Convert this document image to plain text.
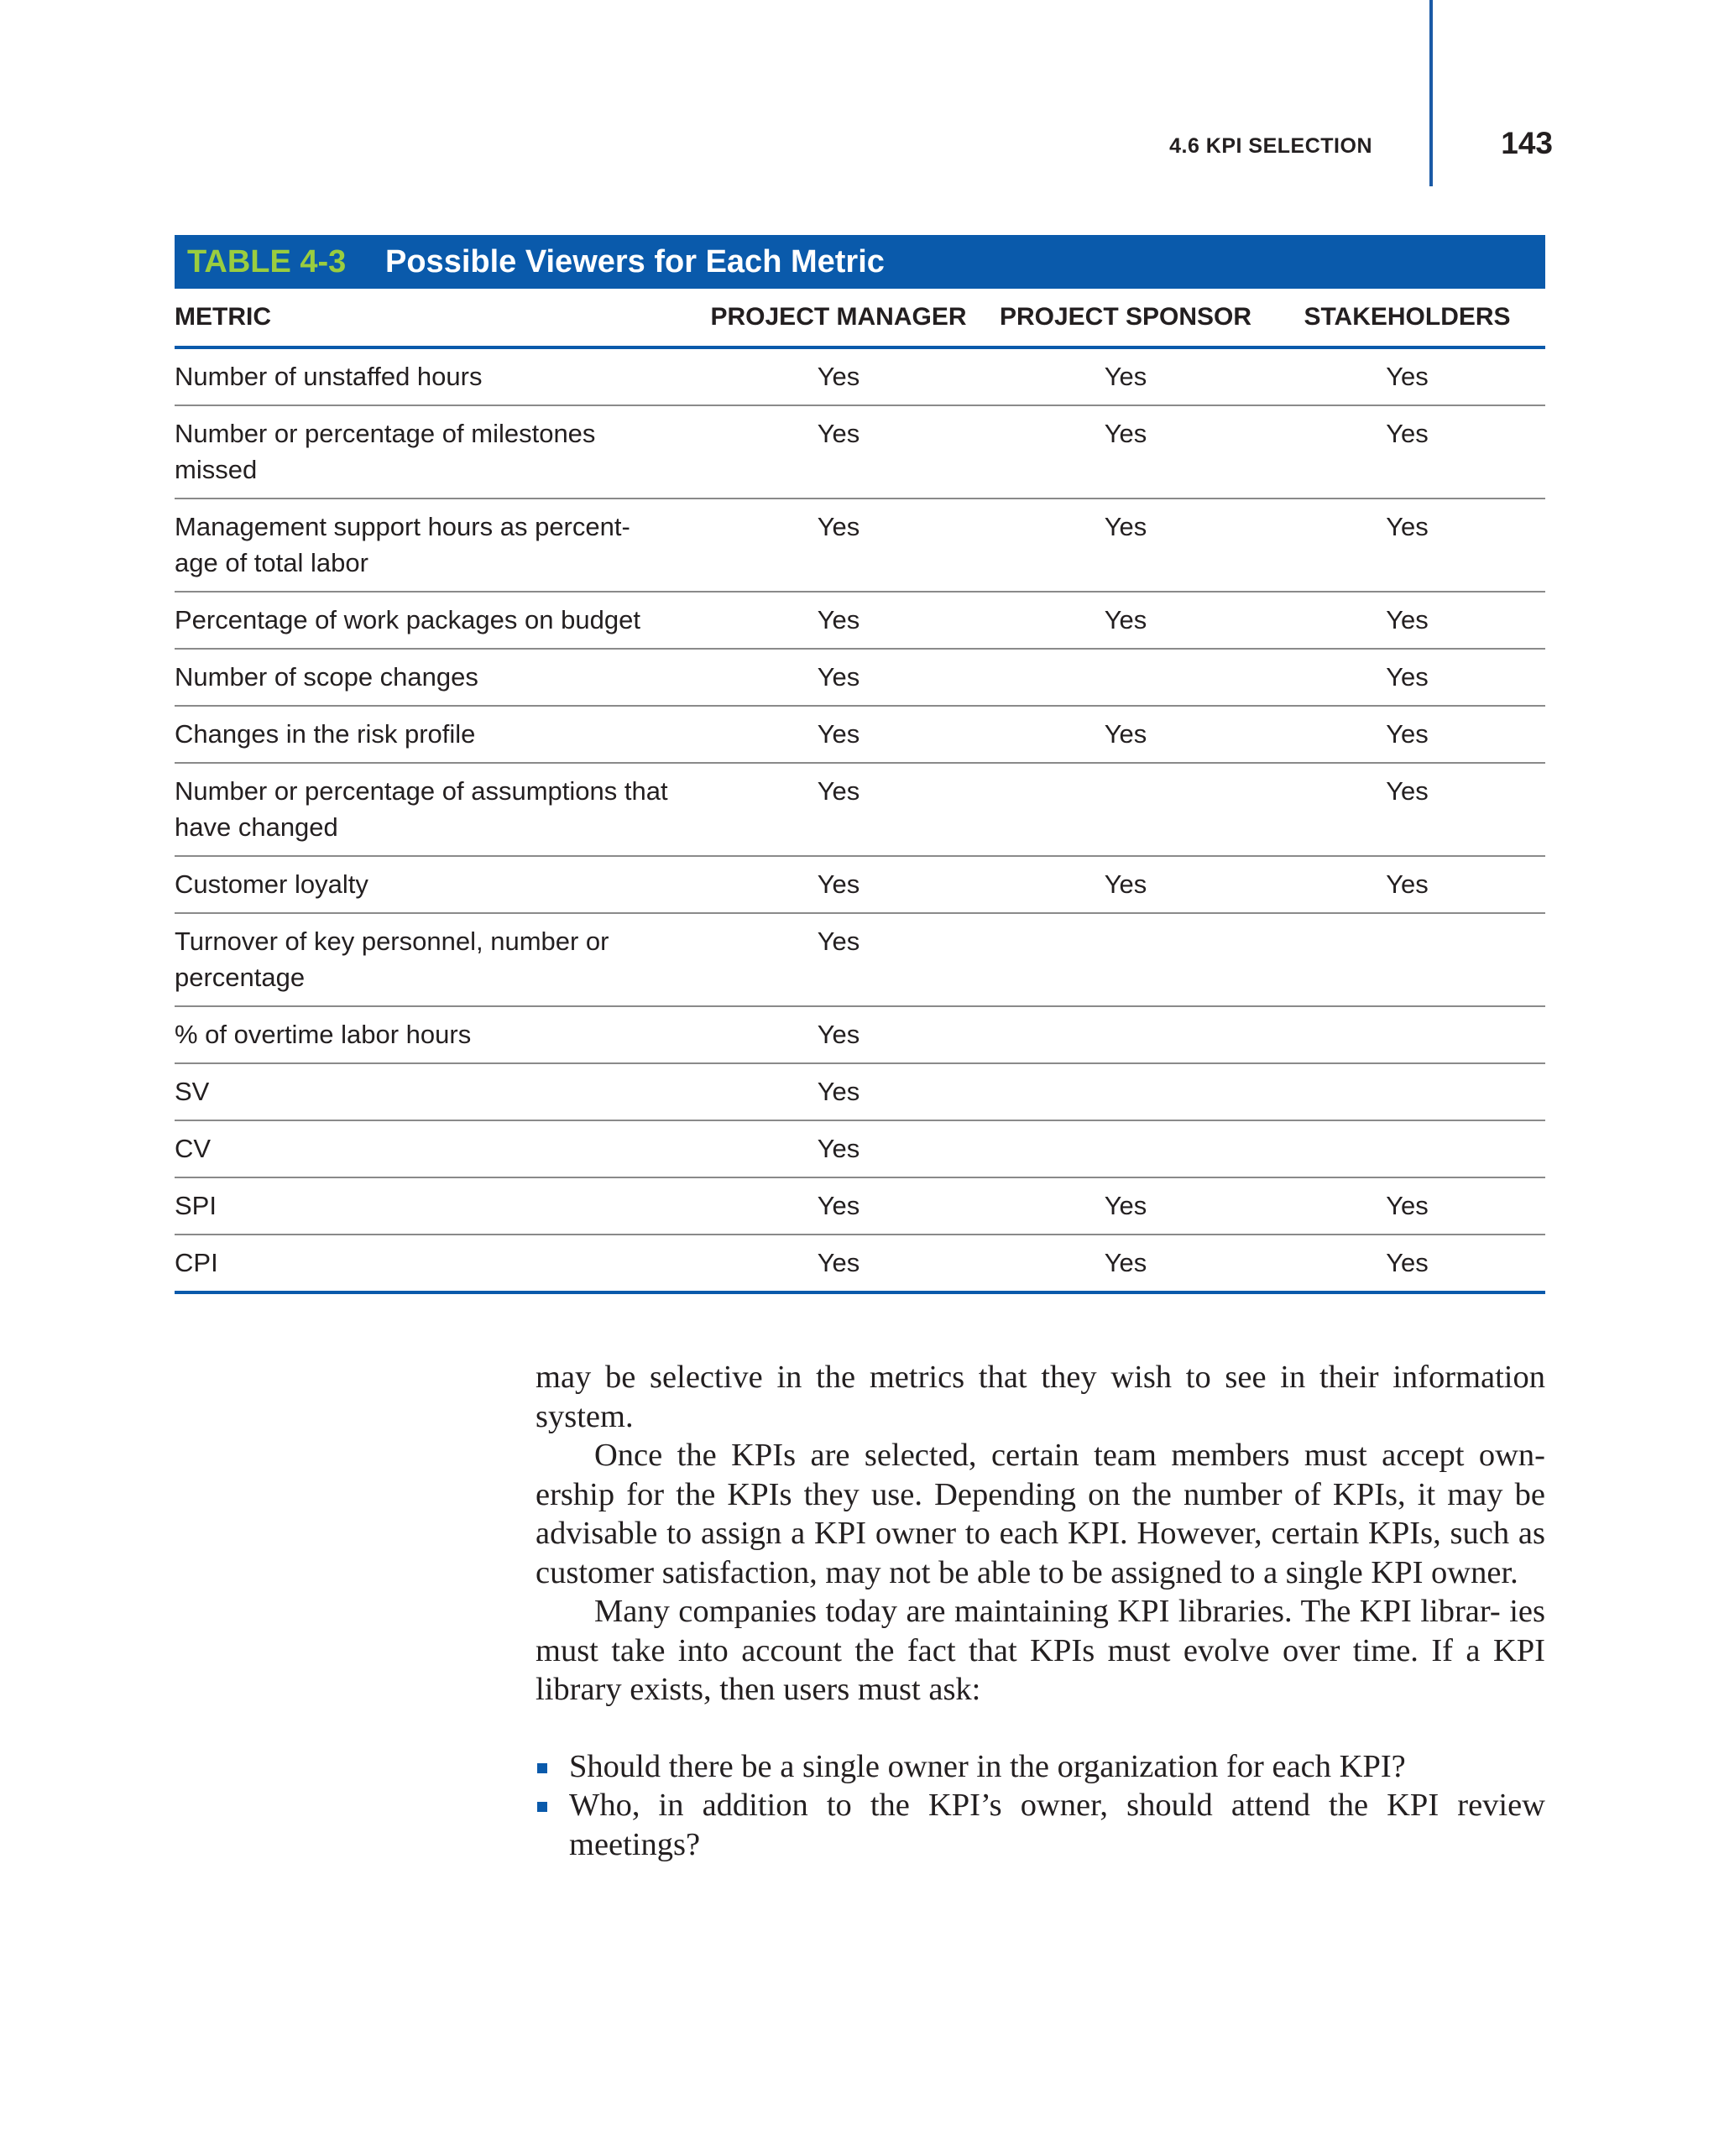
4.6 KPI SELECTION	143
TABLE 4-3	Possible Viewers for Each Metric
METRIC	PROJECT MANAGER	PROJECT SPONSOR	STAKEHOLDERS
Number of unstaffed hours	Yes	Yes	Yes
Number or percentage of milestones missed	Yes	Yes	Yes
Management support hours as percent- age of total labor	Yes	Yes	Yes
Percentage of work packages on budget	Yes	Yes	Yes
Number of scope changes	Yes		Yes
Changes in the risk profile	Yes	Yes	Yes
Number or percentage of assumptions that have changed	Yes		Yes
Customer loyalty	Yes	Yes	Yes
Turnover of key personnel, number or percentage	Yes		
% of overtime labor hours	Yes		
SV	Yes		
CV	Yes		
SPI	Yes	Yes	Yes
CPI	Yes	Yes	Yes

may be selective in the metrics that they wish to see in their information system.

Once the KPIs are selected, certain team members must accept own- ership for the KPIs they use. Depending on the number of KPIs, it may be advisable to assign a KPI owner to each KPI. However, certain KPIs, such as customer satisfaction, may not be able to be assigned to a single KPI owner.

Many companies today are maintaining KPI libraries. The KPI librar- ies must take into account the fact that KPIs must evolve over time. If a KPI library exists, then users must ask:

Should there be a single owner in the organization for each KPI?
Who, in addition to the KPI’s owner, should attend the KPI review meetings?
